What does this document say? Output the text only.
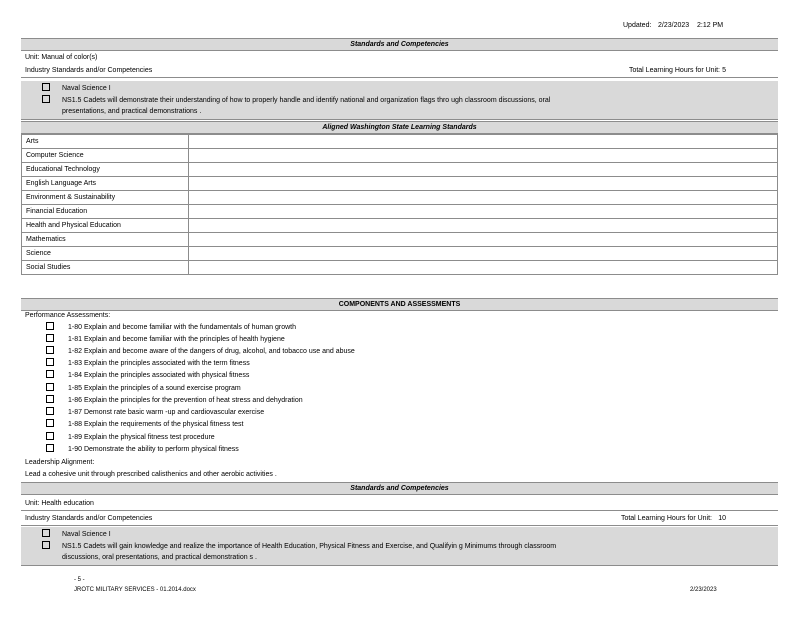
Updated: 2/23/2023 2:12 PM
Standards and Competencies
Unit: Manual of color(s)
Industry Standards and/or Competencies	Total Learning Hours for Unit: 5
Naval Science I
NS1.5 Cadets will demonstrate their understanding of how to properly handle and identify national and organization flags thro ugh classroom discussions, oral
presentations, and practical demonstrations .
Aligned Washington State Learning Standards
Arts	
Computer Science	
Educational Technology	
English Language Arts	
Environment & Sustainability	
Financial Education	
Health and Physical Education	
Mathematics	
Science	
Social Studies	
COMPONENTS AND ASSESSMENTS
Performance Assessments:
1-80 Explain and become familiar with the fundamentals of human growth
1-81 Explain and become familiar with the principles of health hygiene
1-82 Explain and become aware of the dangers of drug, alcohol, and tobacco use and abuse
1-83 Explain the principles associated with the term fitness
1-84 Explain the principles associated with physical fitness
1-85 Explain the principles of a sound exercise program
1-86 Explain the principles for the prevention of heat stress and dehydration
1-87 Demonst rate basic warm -up and cardiovascular exercise
1-88 Explain the requirements of the physical fitness test
1-89 Explain the physical fitness test procedure
1-90 Demonstrate the ability to perform physical fitness
Leadership Alignment:
Lead a cohesive unit through prescribed calisthenics and other aerobic activities .
Standards and Competencies
Unit: Health education
Industry Standards and/or Competencies	Total Learning Hours for Unit: 10
Naval Science I
NS1.5 Cadets will gain knowledge and realize the importance of Health Education, Physical Fitness and Exercise, and Qualifyin g Minimums through classroom
discussions, oral presentations, and practical demonstration s .
- 5 -
JROTC MILITARY SERVICES - 01.2014.docx	2/23/2023
